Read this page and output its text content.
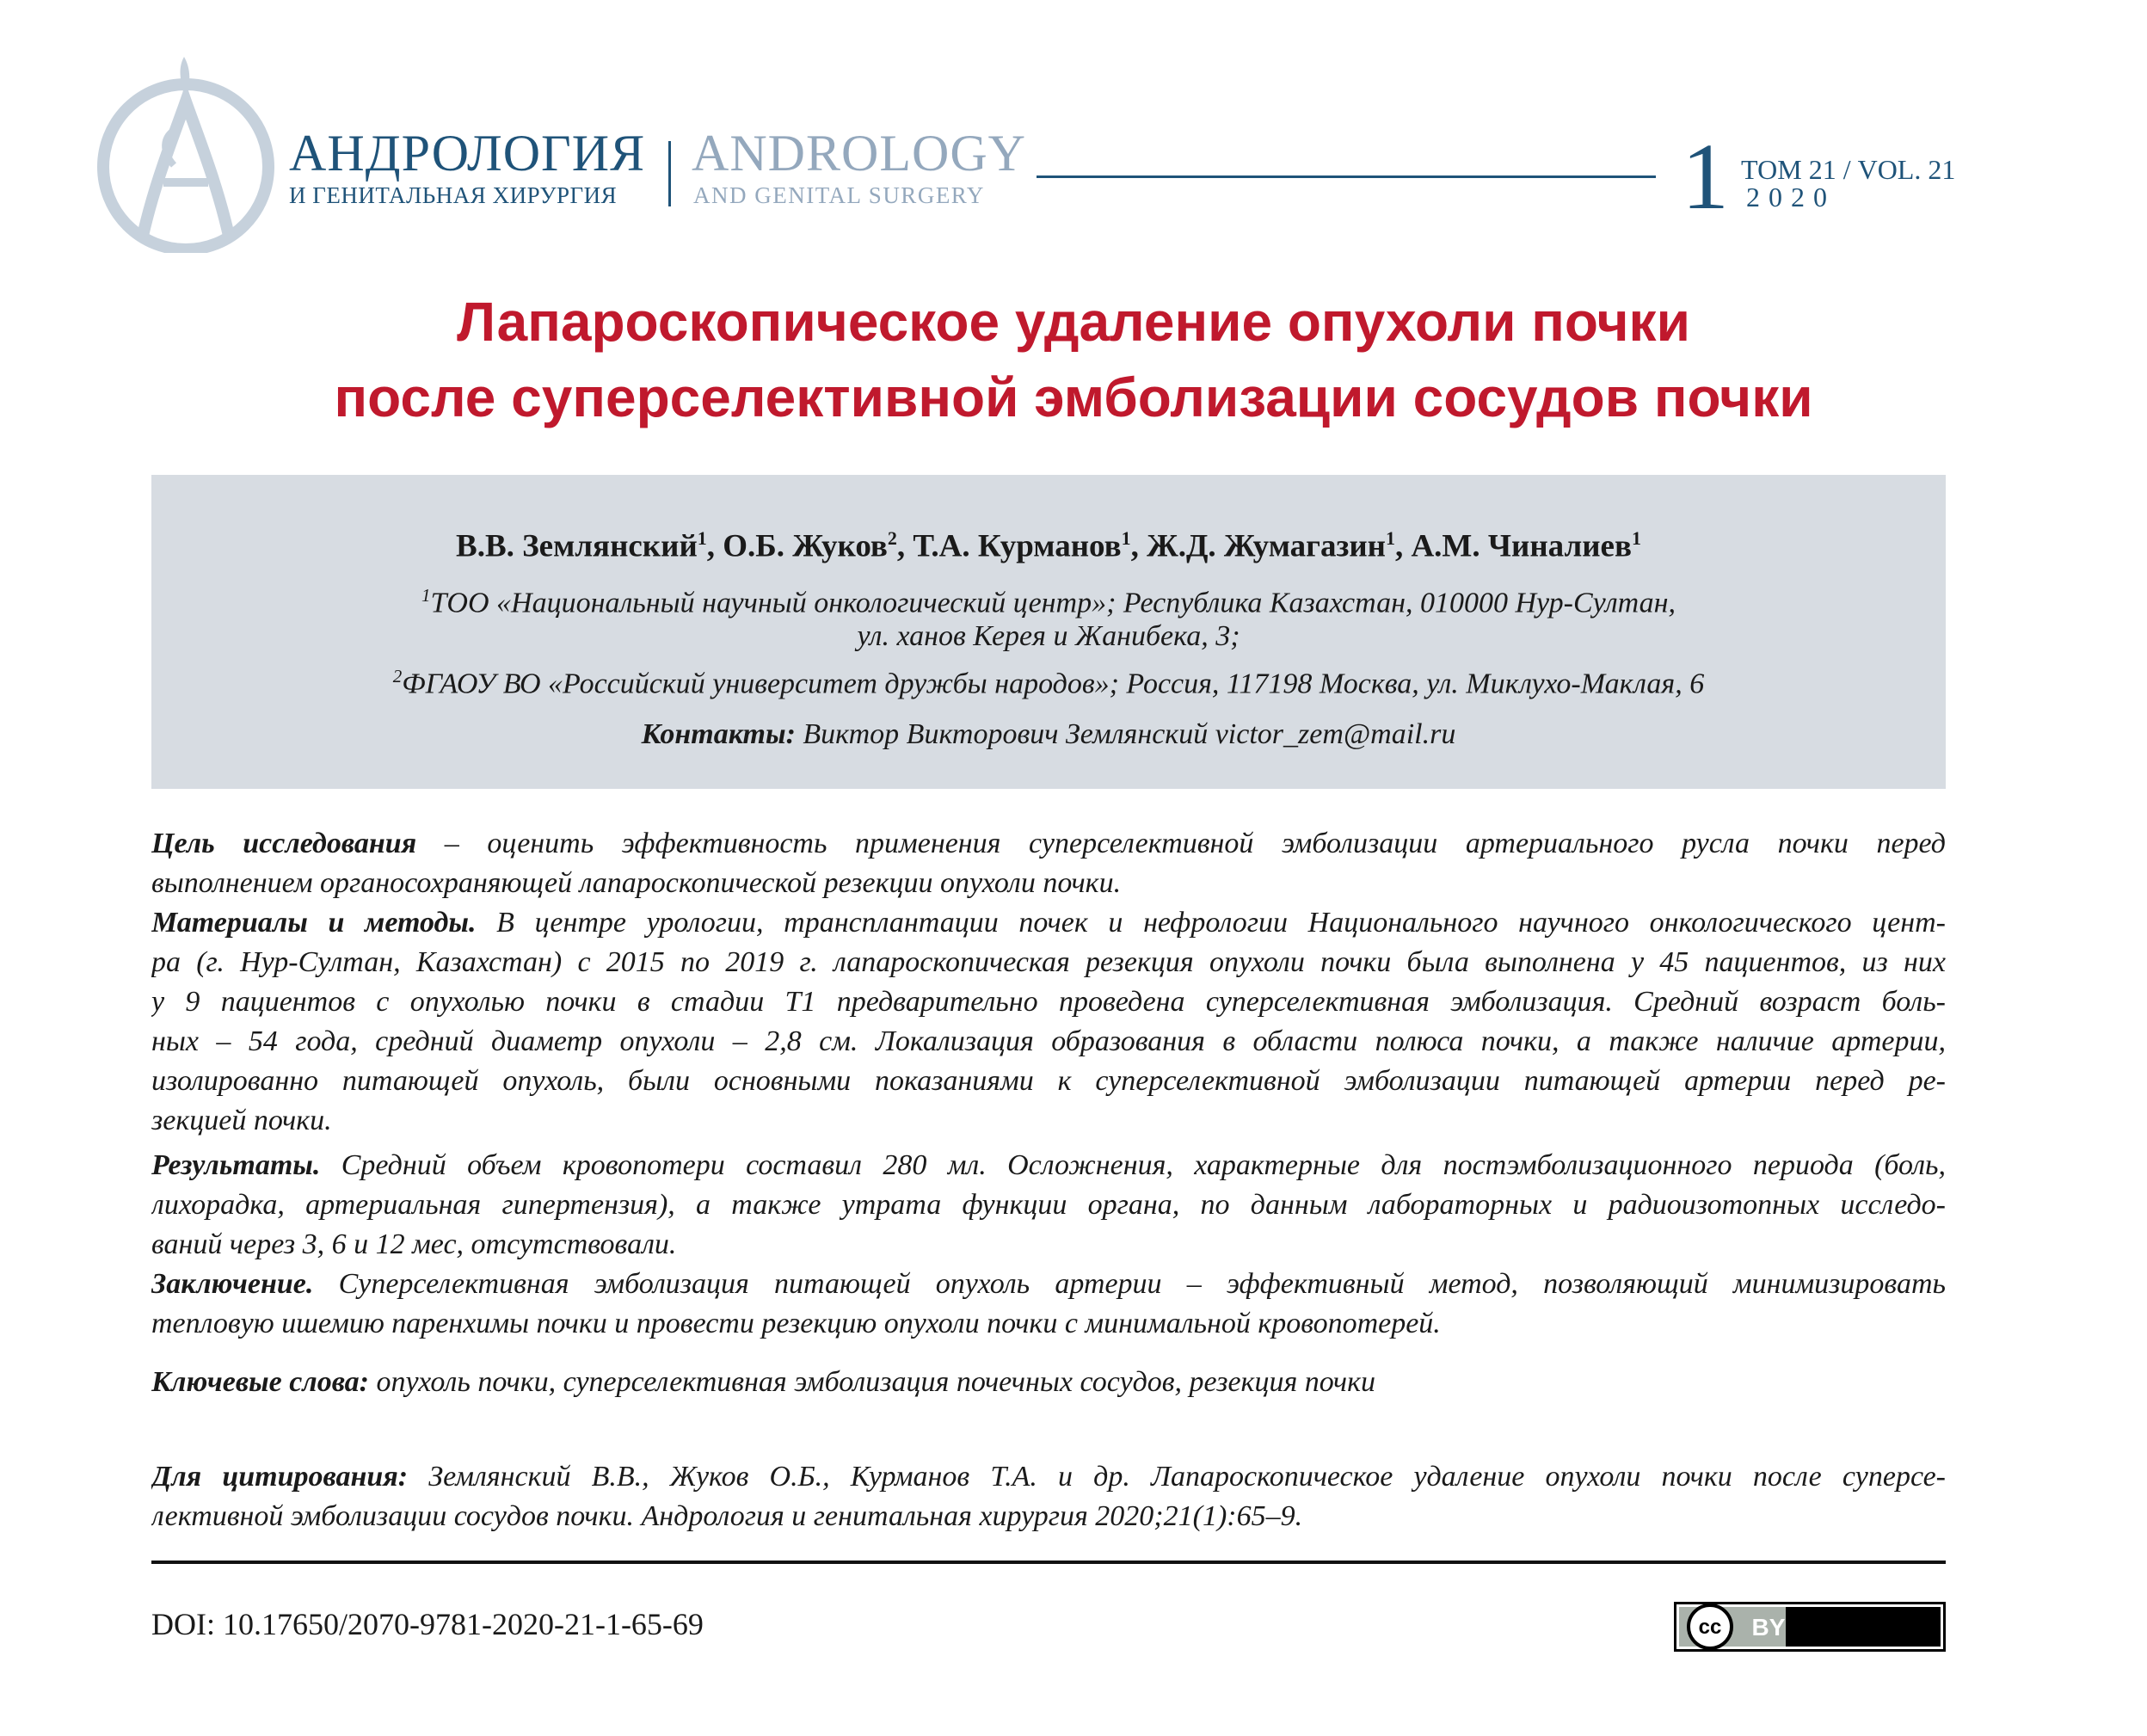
АНДРОЛОГИЯ
И ГЕНИТАЛЬНАЯ ХИРУРГИЯ
ANDROLOGY
AND GENITAL SURGERY	1 ТОМ 21 / VOL. 21
2020
Лапароскопическое удаление опухоли почки
после суперселективной эмболизации сосудов почки
В.В. Землянский$^1$, О.Б. Жуков$^2$, Т.А. Курманов$^1$, Ж.Д. Жумагазин$^1$, А.М. Чиналиев$^1$
$^1$ТОО «Национальный научный онкологический центр»; Республика Казахстан, 010000 Нур-Султан,
ул. ханов Керея и Жанибека, 3;
$^2$ФГАОУ ВО «Российский университет дружбы народов»; Россия, 117198 Москва, ул. Миклухо-Маклая, 6
Контакты: Виктор Викторович Землянский victor_zem@mail.ru
Цель исследования – оценить эффективность применения суперселективной эмболизации артериального русла почки перед
выполнением органосохраняющей лапароскопической резекции опухоли почки.
Материалы и методы. В центре урологии, трансплантации почек и нефрологии Национального научного онкологического цент-
ра (г. Нур-Султан, Казахстан) с 2015 по 2019 г. лапароскопическая резекция опухоли почки была выполнена у 45 пациентов, из них
у 9 пациентов с опухолью почки в стадии Т1 предварительно проведена суперселективная эмболизация. Средний возраст боль-
ных – 54 года, средний диаметр опухоли – 2,8 см. Локализация образования в области полюса почки, а также наличие артерии,
изолированно питающей опухоль, были основными показаниями к суперселективной эмболизации питающей артерии перед ре-
зекцией почки.
Результаты. Средний объем кровопотери составил 280 мл. Осложнения, характерные для постэмболизационного периода (боль,
лихорадка, артериальная гипертензия), а также утрата функции органа, по данным лабораторных и радиоизотопных исследо-
ваний через 3, 6 и 12 мес, отсутствовали.
Заключение. Суперселективная эмболизация питающей опухоль артерии – эффективный метод, позволяющий минимизировать
тепловую ишемию паренхимы почки и провести резекцию опухоли почки с минимальной кровопотерей.
Ключевые слова: опухоль почки, суперселективная эмболизация почечных сосудов, резекция почки
Для цитирования: Землянский В.В., Жуков О.Б., Курманов Т.А. и др. Лапароскопическое удаление опухоли почки после суперсе-
лективной эмболизации сосудов почки. Андрология и генитальная хирургия 2020;21(1):65–9.
DOI: 10.17650/2070-9781-2020-21-1-65-69	cc BY
